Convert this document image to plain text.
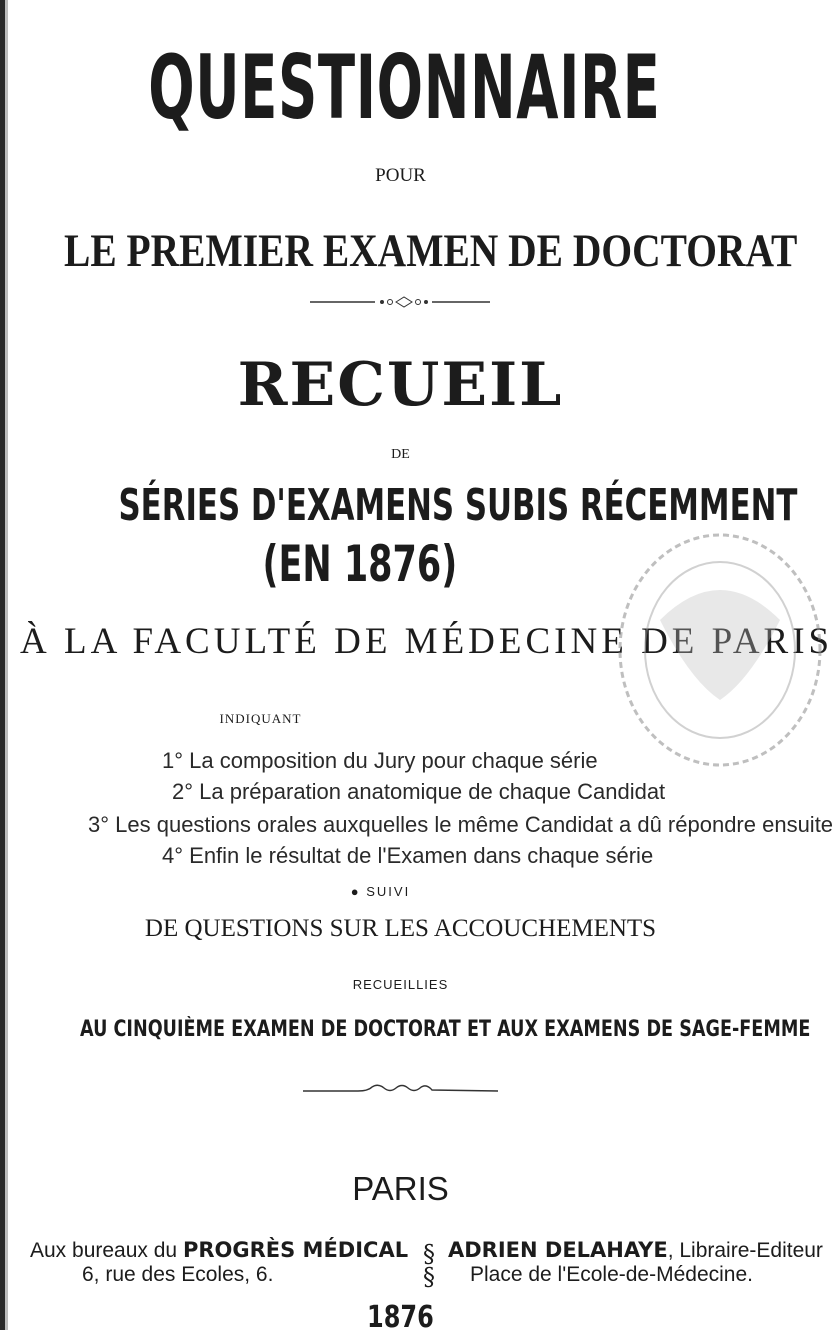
QUESTIONNAIRE
POUR
LE PREMIER EXAMEN DE DOCTORAT
RECUEIL
DE
SÉRIES D'EXAMENS SUBIS RÉCEMMENT
(EN 1876)
À LA FACULTÉ DE MÉDECINE DE PARIS
INDIQUANT
1° La composition du Jury pour chaque série
2° La préparation anatomique de chaque Candidat
3° Les questions orales auxquelles le même Candidat a dû répondre ensuite
4° Enfin le résultat de l'Examen dans chaque série
● SUIVI
DE QUESTIONS SUR LES ACCOUCHEMENTS
RECUEILLIES
AU CINQUIÈME EXAMEN DE DOCTORAT ET AUX EXAMENS DE SAGE-FEMME
PARIS
Aux bureaux du PROGRÈS MÉDICAL
6, rue des Ecoles, 6.
§
§
ADRIEN DELAHAYE, Libraire-Editeur
Place de l'Ecole-de-Médecine.
1876
